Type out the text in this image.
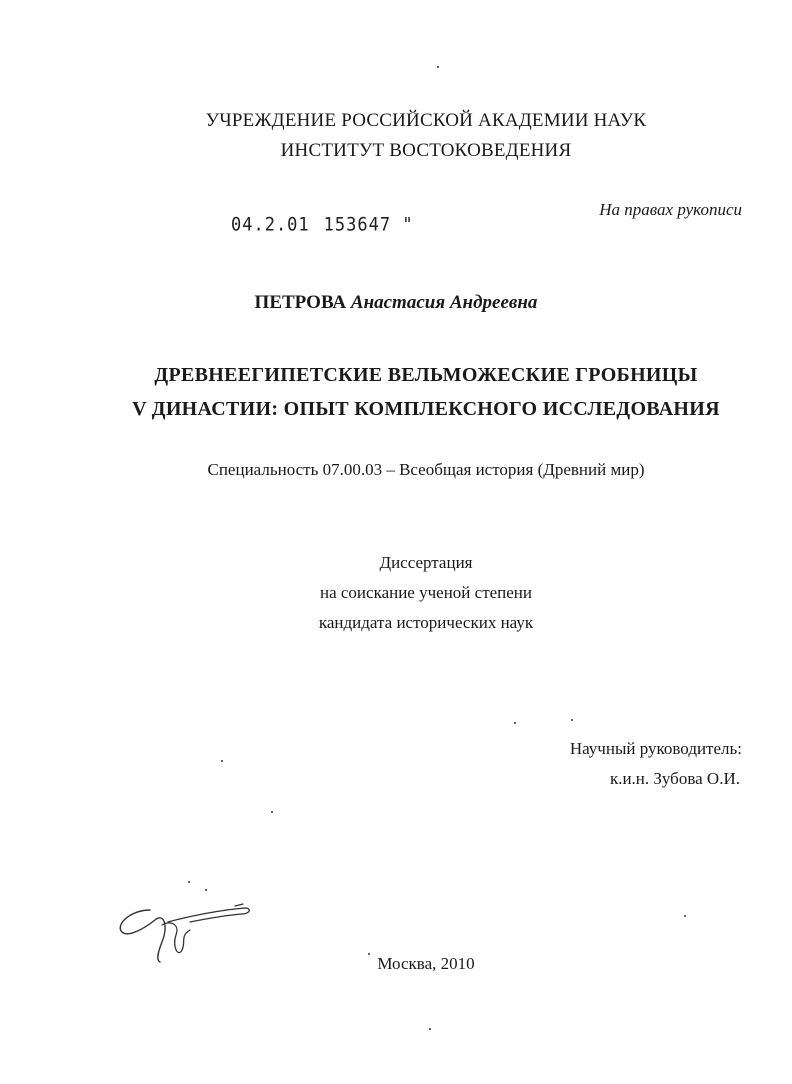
УЧРЕЖДЕНИЕ РОССИЙСКОЙ АКАДЕМИИ НАУК
ИНСТИТУТ ВОСТОКОВЕДЕНИЯ
На правах рукописи
04.2.01 153647 "
ПЕТРОВА Анастасия Андреевна
ДРЕВНЕЕГИПЕТСКИЕ ВЕЛЬМОЖЕСКИЕ ГРОБНИЦЫ
V ДИНАСТИИ: ОПЫТ КОМПЛЕКСНОГО ИССЛЕДОВАНИЯ
Специальность 07.00.03 – Всеобщая история (Древний мир)
Диссертация
на соискание ученой степени
кандидата исторических наук
Научный руководитель:
к.и.н. Зубова О.И.
Москва, 2010
